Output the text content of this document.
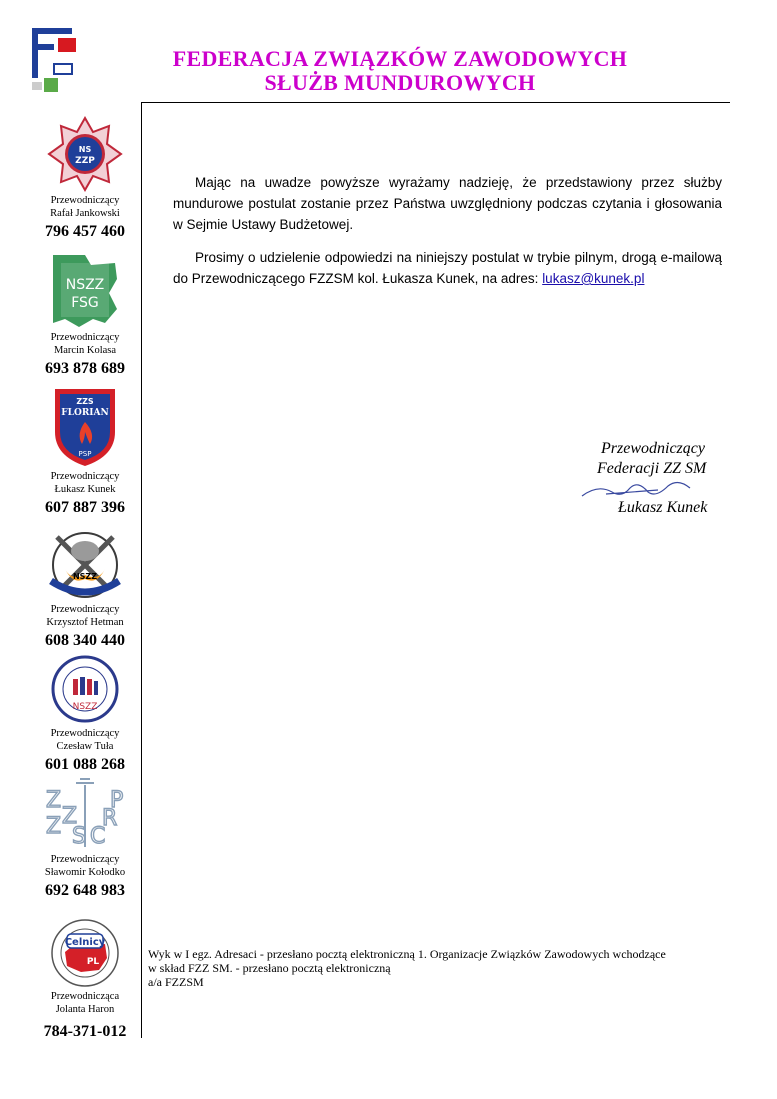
FEDERACJA ZWIĄZKÓW ZAWODOWYCH
SŁUŻB MUNDUROWYCH
NS
ZZP
Przewodniczący
Rafał Jankowski
796 457 460
NSZZ
FSG
Przewodniczący
Marcin Kolasa
693 878 689
ZZS
FLORIAN
PSP
Przewodniczący
Łukasz Kunek
607 887 396
NSZZ
Przewodniczący
Krzysztof Hetman
608 340 440
NSZZ
Przewodniczący
Czesław Tuła
601 088 268
Z
Z
Z S C
P
R
Przewodniczący
Sławomir Kołodko
692 648 983
Celnicy
PL
Przewodnicząca
Jolanta Haron
784-371-012
Mając na uwadze powyższe wyrażamy nadzieję, że przedstawiony przez służby mundurowe postulat zostanie przez Państwa uwzględniony podczas czytania i głosowania w Sejmie Ustawy Budżetowej.
Prosimy o udzielenie odpowiedzi na niniejszy postulat w trybie pilnym, drogą e-mailową do Przewodniczącego FZZSM kol. Łukasza Kunek, na adres: lukasz@kunek.pl
Przewodniczący
Federacji ZZ SM
Łukasz Kunek
Wyk w I egz. Adresaci - przesłano pocztą elektroniczną 1. Organizacje Związków Zawodowych wchodzące
w skład FZZ SM. - przesłano pocztą elektroniczną
a/a FZZSM
